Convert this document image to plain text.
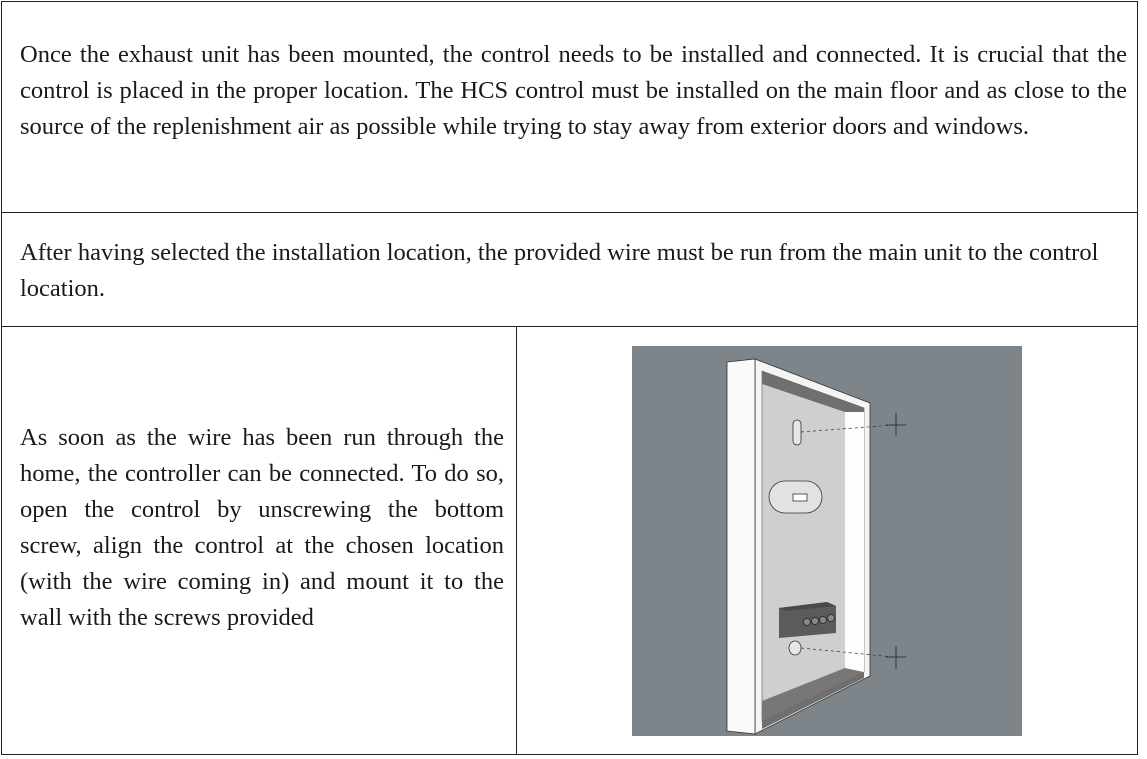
Once the exhaust unit has been mounted, the control needs to be installed and connected. It is crucial that the control is placed in the proper location. The HCS control must be installed on the main floor and as close to the source of the replenishment air as possible while trying to stay away from exterior doors and windows.

After having selected the installation location, the provided wire must be run from the main unit to the control location.

As soon as the wire has been run through the home, the controller can be connected. To do so, open the control by unscrewing the bottom screw, align the control at the chosen location (with the wire coming in) and mount it to the wall with the screws provided
